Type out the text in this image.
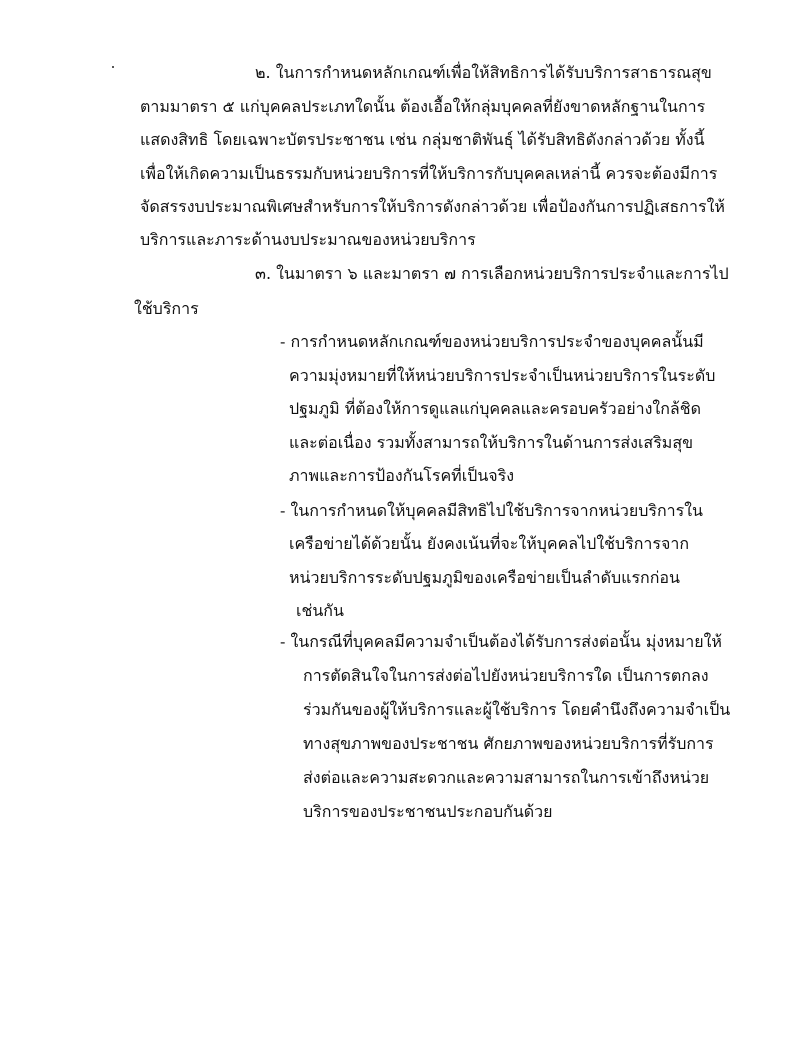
๒. ในการกำหนดหลักเกณฑ์เพื่อให้สิทธิการได้รับบริการสาธารณสุข
ตามมาตรา ๕ แก่บุคคลประเภทใดนั้น ต้องเอื้อให้กลุ่มบุคคลที่ยังขาดหลักฐานในการ
แสดงสิทธิ โดยเฉพาะบัตรประชาชน เช่น กลุ่มชาติพันธุ์ ได้รับสิทธิดังกล่าวด้วย ทั้งนี้
เพื่อให้เกิดความเป็นธรรมกับหน่วยบริการที่ให้บริการกับบุคคลเหล่านี้ ควรจะต้องมีการ
จัดสรรงบประมาณพิเศษสำหรับการให้บริการดังกล่าวด้วย เพื่อป้องกันการปฏิเสธการให้
บริการและภาระด้านงบประมาณของหน่วยบริการ
๓. ในมาตรา ๖ และมาตรา ๗ การเลือกหน่วยบริการประจำและการไป
ใช้บริการ
- การกำหนดหลักเกณฑ์ของหน่วยบริการประจำของบุคคลนั้นมี
ความมุ่งหมายที่ให้หน่วยบริการประจำเป็นหน่วยบริการในระดับ
ปฐมภูมิ ที่ต้องให้การดูแลแก่บุคคลและครอบครัวอย่างใกล้ชิด
และต่อเนื่อง รวมทั้งสามารถให้บริการในด้านการส่งเสริมสุข
ภาพและการป้องกันโรคที่เป็นจริง
- ในการกำหนดให้บุคคลมีสิทธิไปใช้บริการจากหน่วยบริการใน
เครือข่ายได้ด้วยนั้น ยังคงเน้นที่จะให้บุคคลไปใช้บริการจาก
หน่วยบริการระดับปฐมภูมิของเครือข่ายเป็นลำดับแรกก่อน
เช่นกัน
- ในกรณีที่บุคคลมีความจำเป็นต้องได้รับการส่งต่อนั้น มุ่งหมายให้
การตัดสินใจในการส่งต่อไปยังหน่วยบริการใด เป็นการตกลง
ร่วมกันของผู้ให้บริการและผู้ใช้บริการ โดยคำนึงถึงความจำเป็น
ทางสุขภาพของประชาชน ศักยภาพของหน่วยบริการที่รับการ
ส่งต่อและความสะดวกและความสามารถในการเข้าถึงหน่วย
บริการของประชาชนประกอบกันด้วย
